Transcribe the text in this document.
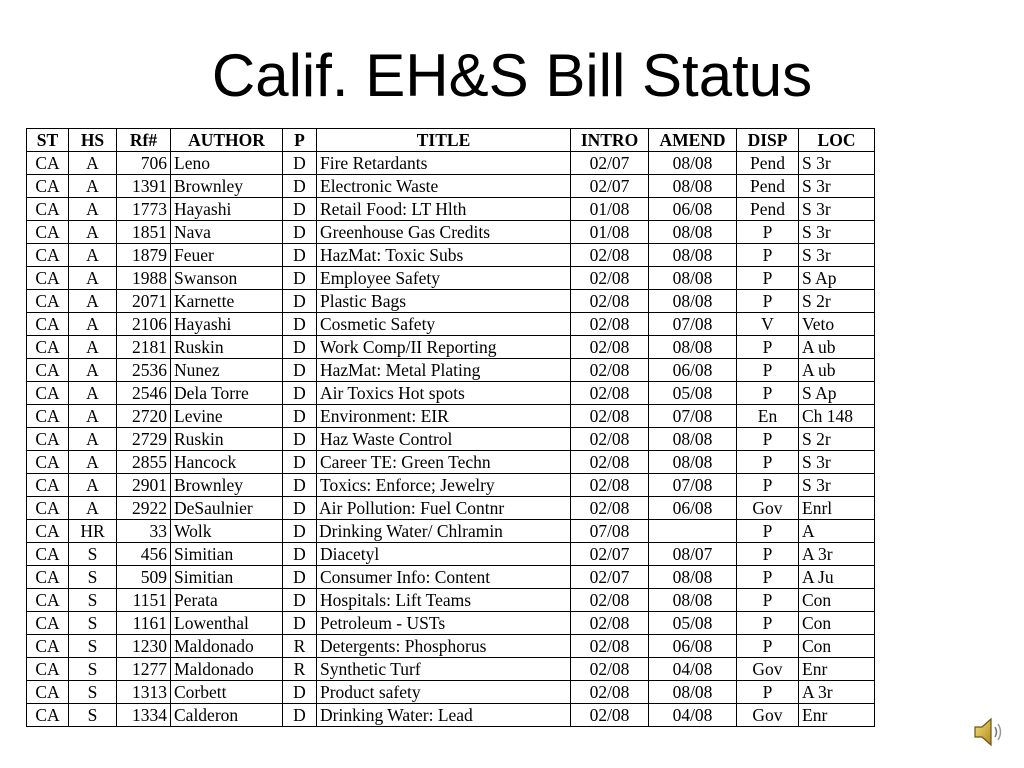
Calif. EH&S Bill Status
ST	HS	Rf#	AUTHOR	P	TITLE	INTRO	AMEND	DISP	LOC
CA	A	706	Leno	D	Fire Retardants	02/07	08/08	Pend	S 3r
CA	A	1391	Brownley	D	Electronic Waste	02/07	08/08	Pend	S 3r
CA	A	1773	Hayashi	D	Retail Food: LT Hlth	01/08	06/08	Pend	S 3r
CA	A	1851	Nava	D	Greenhouse Gas Credits	01/08	08/08	P	S 3r
CA	A	1879	Feuer	D	HazMat: Toxic Subs	02/08	08/08	P	S 3r
CA	A	1988	Swanson	D	Employee Safety	02/08	08/08	P	S Ap
CA	A	2071	Karnette	D	Plastic Bags	02/08	08/08	P	S 2r
CA	A	2106	Hayashi	D	Cosmetic Safety	02/08	07/08	V	Veto
CA	A	2181	Ruskin	D	Work Comp/II Reporting	02/08	08/08	P	A ub
CA	A	2536	Nunez	D	HazMat: Metal Plating	02/08	06/08	P	A ub
CA	A	2546	Dela Torre	D	Air Toxics Hot spots	02/08	05/08	P	S Ap
CA	A	2720	Levine	D	Environment: EIR	02/08	07/08	En	Ch 148
CA	A	2729	Ruskin	D	Haz Waste Control	02/08	08/08	P	S 2r
CA	A	2855	Hancock	D	Career TE: Green Techn	02/08	08/08	P	S 3r
CA	A	2901	Brownley	D	Toxics: Enforce; Jewelry	02/08	07/08	P	S 3r
CA	A	2922	DeSaulnier	D	Air Pollution: Fuel Contnr	02/08	06/08	Gov	Enrl
CA	HR	33	Wolk	D	Drinking Water/ Chlramin	07/08		P	A
CA	S	456	Simitian	D	Diacetyl	02/07	08/07	P	A 3r
CA	S	509	Simitian	D	Consumer Info: Content	02/07	08/08	P	A Ju
CA	S	1151	Perata	D	Hospitals: Lift Teams	02/08	08/08	P	Con
CA	S	1161	Lowenthal	D	Petroleum - USTs	02/08	05/08	P	Con
CA	S	1230	Maldonado	R	Detergents: Phosphorus	02/08	06/08	P	Con
CA	S	1277	Maldonado	R	Synthetic Turf	02/08	04/08	Gov	Enr
CA	S	1313	Corbett	D	Product safety	02/08	08/08	P	A 3r
CA	S	1334	Calderon	D	Drinking Water: Lead	02/08	04/08	Gov	Enr
